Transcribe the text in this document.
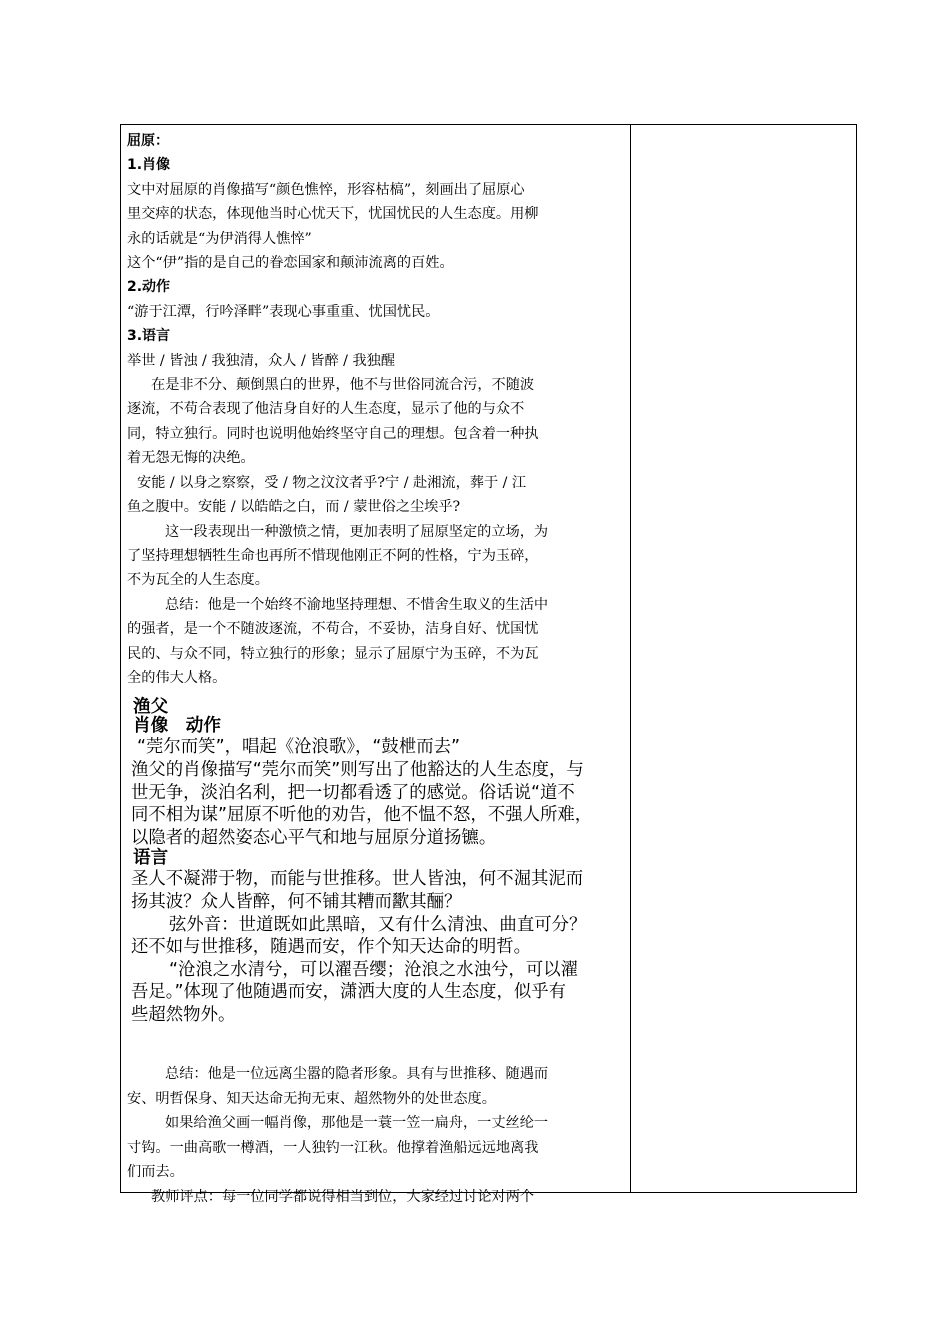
屈原：

1.肖像

文中对屈原的肖像描写“颜色憔悴，形容枯槁”，刻画出了屈原心

里交瘁的状态，体现他当时心忧天下，忧国忧民的人生态度。用柳

永的话就是“为伊消得人憔悴”

这个“伊”指的是自己的眷恋国家和颠沛流离的百姓。

2.动作

“游于江潭，行吟泽畔”表现心事重重、忧国忧民。

3.语言

举世 / 皆浊 / 我独清，众人 / 皆醉 / 我独醒

在是非不分、颠倒黑白的世界，他不与世俗同流合污，不随波

逐流，不苟合表现了他洁身自好的人生态度，显示了他的与众不

同，特立独行。同时也说明他始终坚守自己的理想。包含着一种执

着无怨无悔的决绝。

安能 / 以身之察察，受 / 物之汶汶者乎?宁 / 赴湘流，葬于 / 江

鱼之腹中。安能 / 以皓皓之白，而 / 蒙世俗之尘埃乎?

这一段表现出一种激愤之情，更加表明了屈原坚定的立场，为

了坚持理想牺牲生命也再所不惜现他刚正不阿的性格，宁为玉碎，

不为瓦全的人生态度。

总结：他是一个始终不渝地坚持理想、不惜舍生取义的生活中

的强者，是一个不随波逐流，不苟合，不妥协，洁身自好、忧国忧

民的、与众不同，特立独行的形象；显示了屈原宁为玉碎，不为瓦

全的伟大人格。

渔父

肖像　动作

“莞尔而笑”，唱起《沧浪歌》，“鼓枻而去”

渔父的肖像描写“莞尔而笑”则写出了他豁达的人生态度，与

世无争，淡泊名利，把一切都看透了的感觉。俗话说“道不

同不相为谋”屈原不听他的劝告，他不愠不怒，不强人所难，

以隐者的超然姿态心平气和地与屈原分道扬镳。

语言

圣人不凝滞于物，而能与世推移。世人皆浊，何不淈其泥而

扬其波？众人皆醉，何不铺其糟而歠其酾？

弦外音：世道既如此黑暗，又有什么清浊、曲直可分？

还不如与世推移，随遇而安，作个知天达命的明哲。

“沧浪之水清兮，可以濯吾缨；沧浪之水浊兮，可以濯

吾足。”体现了他随遇而安，潇洒大度的人生态度，似乎有

些超然物外。

总结：他是一位远离尘嚣的隐者形象。具有与世推移、随遇而

安、明哲保身、知天达命无拘无束、超然物外的处世态度。

如果给渔父画一幅肖像，那他是一蓑一笠一扁舟，一丈丝纶一

寸钩。一曲高歌一樽酒，一人独钓一江秋。他撑着渔船远远地离我

们而去。

教师评点：每一位同学都说得相当到位，大家经过讨论对两个
